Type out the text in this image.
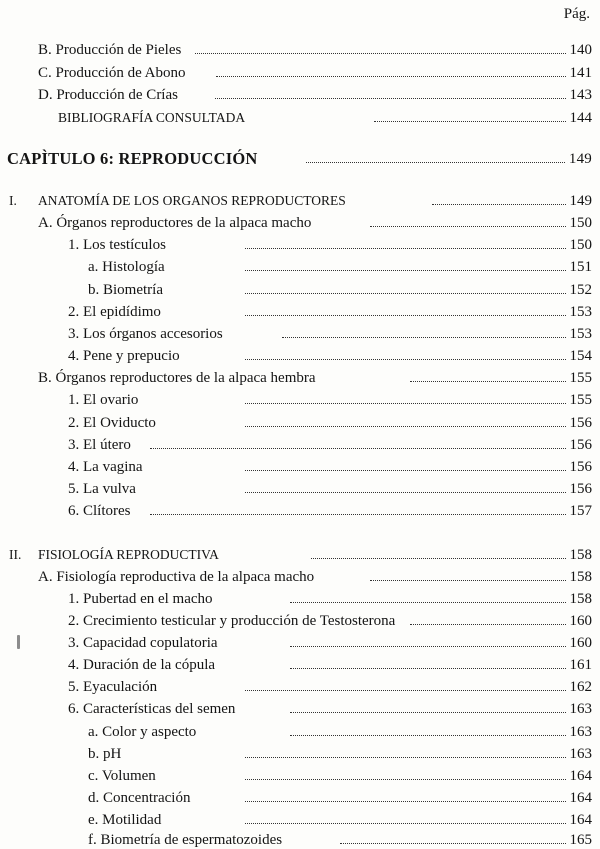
Pág.
B. Producción de Pieles	140
C. Producción de Abono	141
D. Producción de Crías	143
BIBLIOGRAFÍA CONSULTADA	144
CAPÌTULO 6: REPRODUCCIÓN	149
I. ANATOMÍA DE LOS ORGANOS REPRODUCTORES	149
A. Órganos reproductores de la alpaca macho	150
1. Los testículos	150
a. Histología	151
b. Biometría	152
2. El epidídimo	153
3. Los órganos accesorios	153
4. Pene y prepucio	154
B. Órganos reproductores de la alpaca hembra	155
1. El ovario	155
2. El Oviducto	156
3. El útero	156
4. La vagina	156
5. La vulva	156
6. Clítores	157
II. FISIOLOGÍA REPRODUCTIVA	158
A. Fisiología reproductiva de la alpaca macho	158
1. Pubertad en el macho	158
2. Crecimiento testicular y producción de Testosterona	160
3. Capacidad copulatoria	160
4. Duración de la cópula	161
5. Eyaculación	162
6. Características del semen	163
a. Color y aspecto	163
b. pH	163
c. Volumen	164
d. Concentración	164
e. Motilidad	164
f. Biometría de espermatozoides	165
